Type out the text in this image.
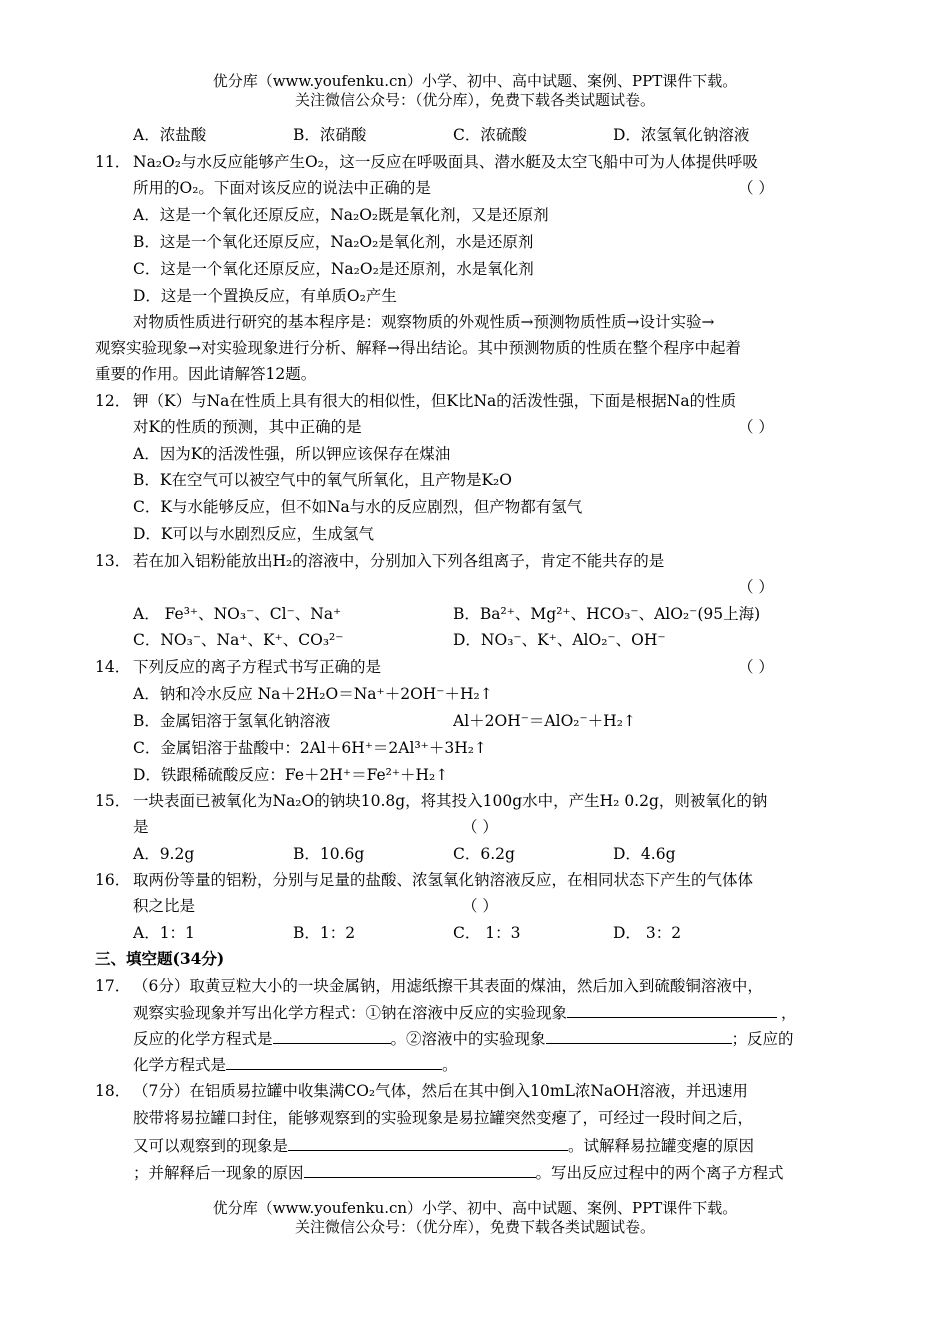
优分库（www.youfenku.cn）小学、初中、高中试题、案例、PPT课件下载。
关注微信公众号：（优分库），免费下载各类试题试卷。
A．浓盐酸	B．浓硝酸	C．浓硫酸	D．浓氢氧化钠溶液
11． Na₂O₂与水反应能够产生O₂，这一反应在呼吸面具、潜水艇及太空飞船中可为人体提供呼吸
所用的O₂。下面对该反应的说法中正确的是	（ ）
A．这是一个氧化还原反应，Na₂O₂既是氧化剂，又是还原剂
B．这是一个氧化还原反应，Na₂O₂是氧化剂，水是还原剂
C．这是一个氧化还原反应，Na₂O₂是还原剂，水是氧化剂
D．这是一个置换反应，有单质O₂产生
对物质性质进行研究的基本程序是：观察物质的外观性质→预测物质性质→设计实验→
观察实验现象→对实验现象进行分析、解释→得出结论。其中预测物质的性质在整个程序中起着
重要的作用。因此请解答12题。
12． 钾（K）与Na在性质上具有很大的相似性，但K比Na的活泼性强，下面是根据Na的性质
对K的性质的预测，其中正确的是	（ ）
A．因为K的活泼性强，所以钾应该保存在煤油
B．K在空气可以被空气中的氧气所氧化，且产物是K₂O
C．K与水能够反应，但不如Na与水的反应剧烈，但产物都有氢气
D．K可以与水剧烈反应，生成氢气
13． 若在加入铝粉能放出H₂的溶液中，分别加入下列各组离子，肯定不能共存的是
（ ）
A． Fe³⁺、NO₃⁻、Cl⁻、Na⁺	B．Ba²⁺、Mg²⁺、HCO₃⁻、AlO₂⁻(95上海)
C．NO₃⁻、Na⁺、K⁺、CO₃²⁻	D．NO₃⁻、K⁺、AlO₂⁻、OH⁻
14． 下列反应的离子方程式书写正确的是	（ ）
A．钠和冷水反应 Na＋2H₂O＝Na⁺＋2OH⁻＋H₂↑
B．金属铝溶于氢氧化钠溶液	Al＋2OH⁻＝AlO₂⁻＋H₂↑
C．金属铝溶于盐酸中：2Al＋6H⁺＝2Al³⁺＋3H₂↑
D．铁跟稀硫酸反应：Fe＋2H⁺＝Fe²⁺＋H₂↑
15． 一块表面已被氧化为Na₂O的钠块10.8g，将其投入100g水中，产生H₂ 0.2g，则被氧化的钠
是	（ ）
A．9.2g	B．10.6g	C．6.2g	D．4.6g
16． 取两份等量的铝粉，分别与足量的盐酸、浓氢氧化钠溶液反应，在相同状态下产生的气体体
积之比是	（ ）
A．1：1	B．1：2	C． 1：3	D． 3：2
三、填空题(34分)
17． （6分）取黄豆粒大小的一块金属钠，用滤纸擦干其表面的煤油，然后加入到硫酸铜溶液中，
观察实验现象并写出化学方程式：①钠在溶液中反应的实验现象	，
反应的化学方程式是	。②溶液中的实验现象	；反应的
化学方程式是	。
18． （7分）在铝质易拉罐中收集满CO₂气体，然后在其中倒入10mL浓NaOH溶液，并迅速用
胶带将易拉罐口封住，能够观察到的实验现象是易拉罐突然变瘪了，可经过一段时间之后，
又可以观察到的现象是	。试解释易拉罐变瘪的原因
；并解释后一现象的原因	。写出反应过程中的两个离子方程式
优分库（www.youfenku.cn）小学、初中、高中试题、案例、PPT课件下载。
关注微信公众号：（优分库），免费下载各类试题试卷。
